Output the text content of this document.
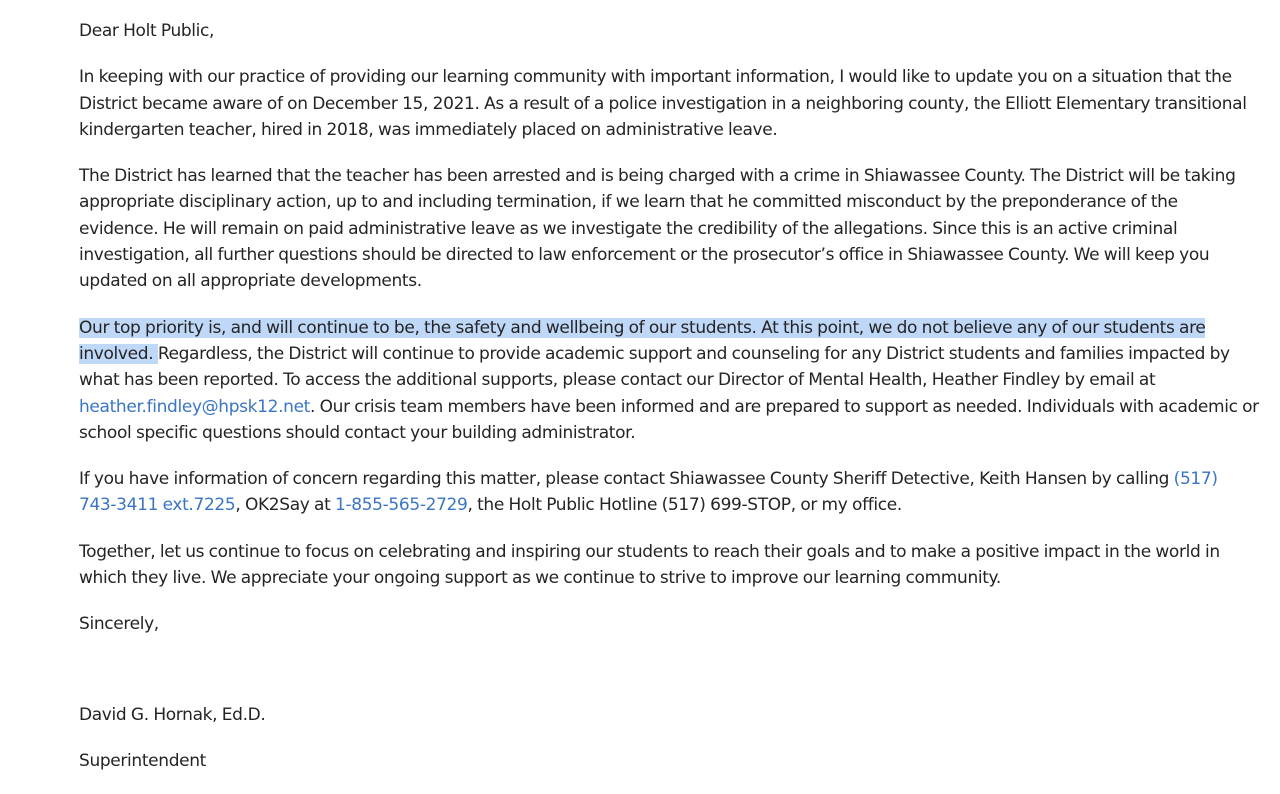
Dear Holt Public,

In keeping with our practice of providing our learning community with important information, I would like to update you on a situation that the District became aware of on December 15, 2021. As a result of a police investigation in a neighboring county, the Elliott Elementary transitional kindergarten teacher, hired in 2018, was immediately placed on administrative leave.

The District has learned that the teacher has been arrested and is being charged with a crime in Shiawassee County. The District will be taking appropriate disciplinary action, up to and including termination, if we learn that he committed misconduct by the preponderance of the evidence. He will remain on paid administrative leave as we investigate the credibility of the allegations. Since this is an active criminal investigation, all further questions should be directed to law enforcement or the prosecutor’s office in Shiawassee County. We will keep you updated on all appropriate developments.

Our top priority is, and will continue to be, the safety and wellbeing of our students. At this point, we do not believe any of our students are involved. Regardless, the District will continue to provide academic support and counseling for any District students and families impacted by what has been reported. To access the additional supports, please contact our Director of Mental Health, Heather Findley by email at heather.findley@hpsk12.net. Our crisis team members have been informed and are prepared to support as needed. Individuals with academic or school specific questions should contact your building administrator.

If you have information of concern regarding this matter, please contact Shiawassee County Sheriff Detective, Keith Hansen by calling (517) 743-3411 ext.7225, OK2Say at 1-855-565-2729, the Holt Public Hotline (517) 699-STOP, or my office.

Together, let us continue to focus on celebrating and inspiring our students to reach their goals and to make a positive impact in the world in which they live. We appreciate your ongoing support as we continue to strive to improve our learning community.

Sincerely,

David G. Hornak, Ed.D.

Superintendent
